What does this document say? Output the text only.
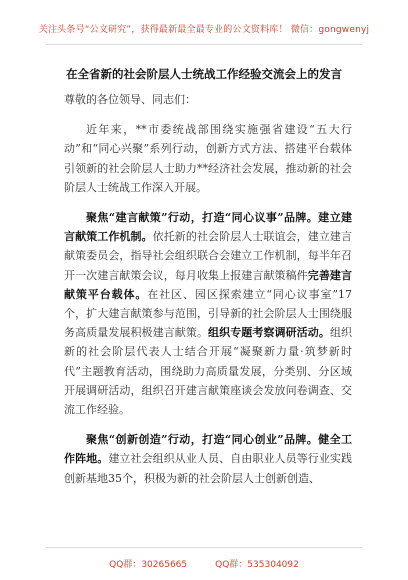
关注头条号“公文研究”，获得最新最全最专业的公文资料库！ 微信：gongwenyj
在全省新的社会阶层人士统战工作经验交流会上的发言

尊敬的各位领导、同志们：

近年来，**市委统战部围绕实施强省建设“五大行动”和“同心兴聚”系列行动，创新方式方法、搭建平台载体引领新的社会阶层人士助力**经济社会发展，推动新的社会阶层人士统战工作深入开展。

聚焦“建言献策”行动，打造“同心议事”品牌。建立建言献策工作机制。依托新的社会阶层人士联谊会，建立建言献策委员会，指导社会组织联合会建立工作机制，每半年召开一次建言献策会议，每月收集上报建言献策稿件完善建言献策平台载体。在社区、园区探索建立“同心议事室”17个，扩大建言献策参与范围，引导新的社会阶层人士围绕服务高质量发展积极建言献策。组织专题考察调研活动。组织新的社会阶层代表人士结合开展“凝聚新力量·筑梦新时代”主题教育活动，围绕助力高质量发展，分类别、分区域开展调研活动，组织召开建言献策座谈会发放问卷调查、交流工作经验。

聚焦“创新创造”行动，打造“同心创业”品牌。健全工作阵地。建立社会组织从业人员、自由职业人员等行业实践创新基地35个，积极为新的社会阶层人士创新创造、

QQ群：30265665	QQ群：535304092
